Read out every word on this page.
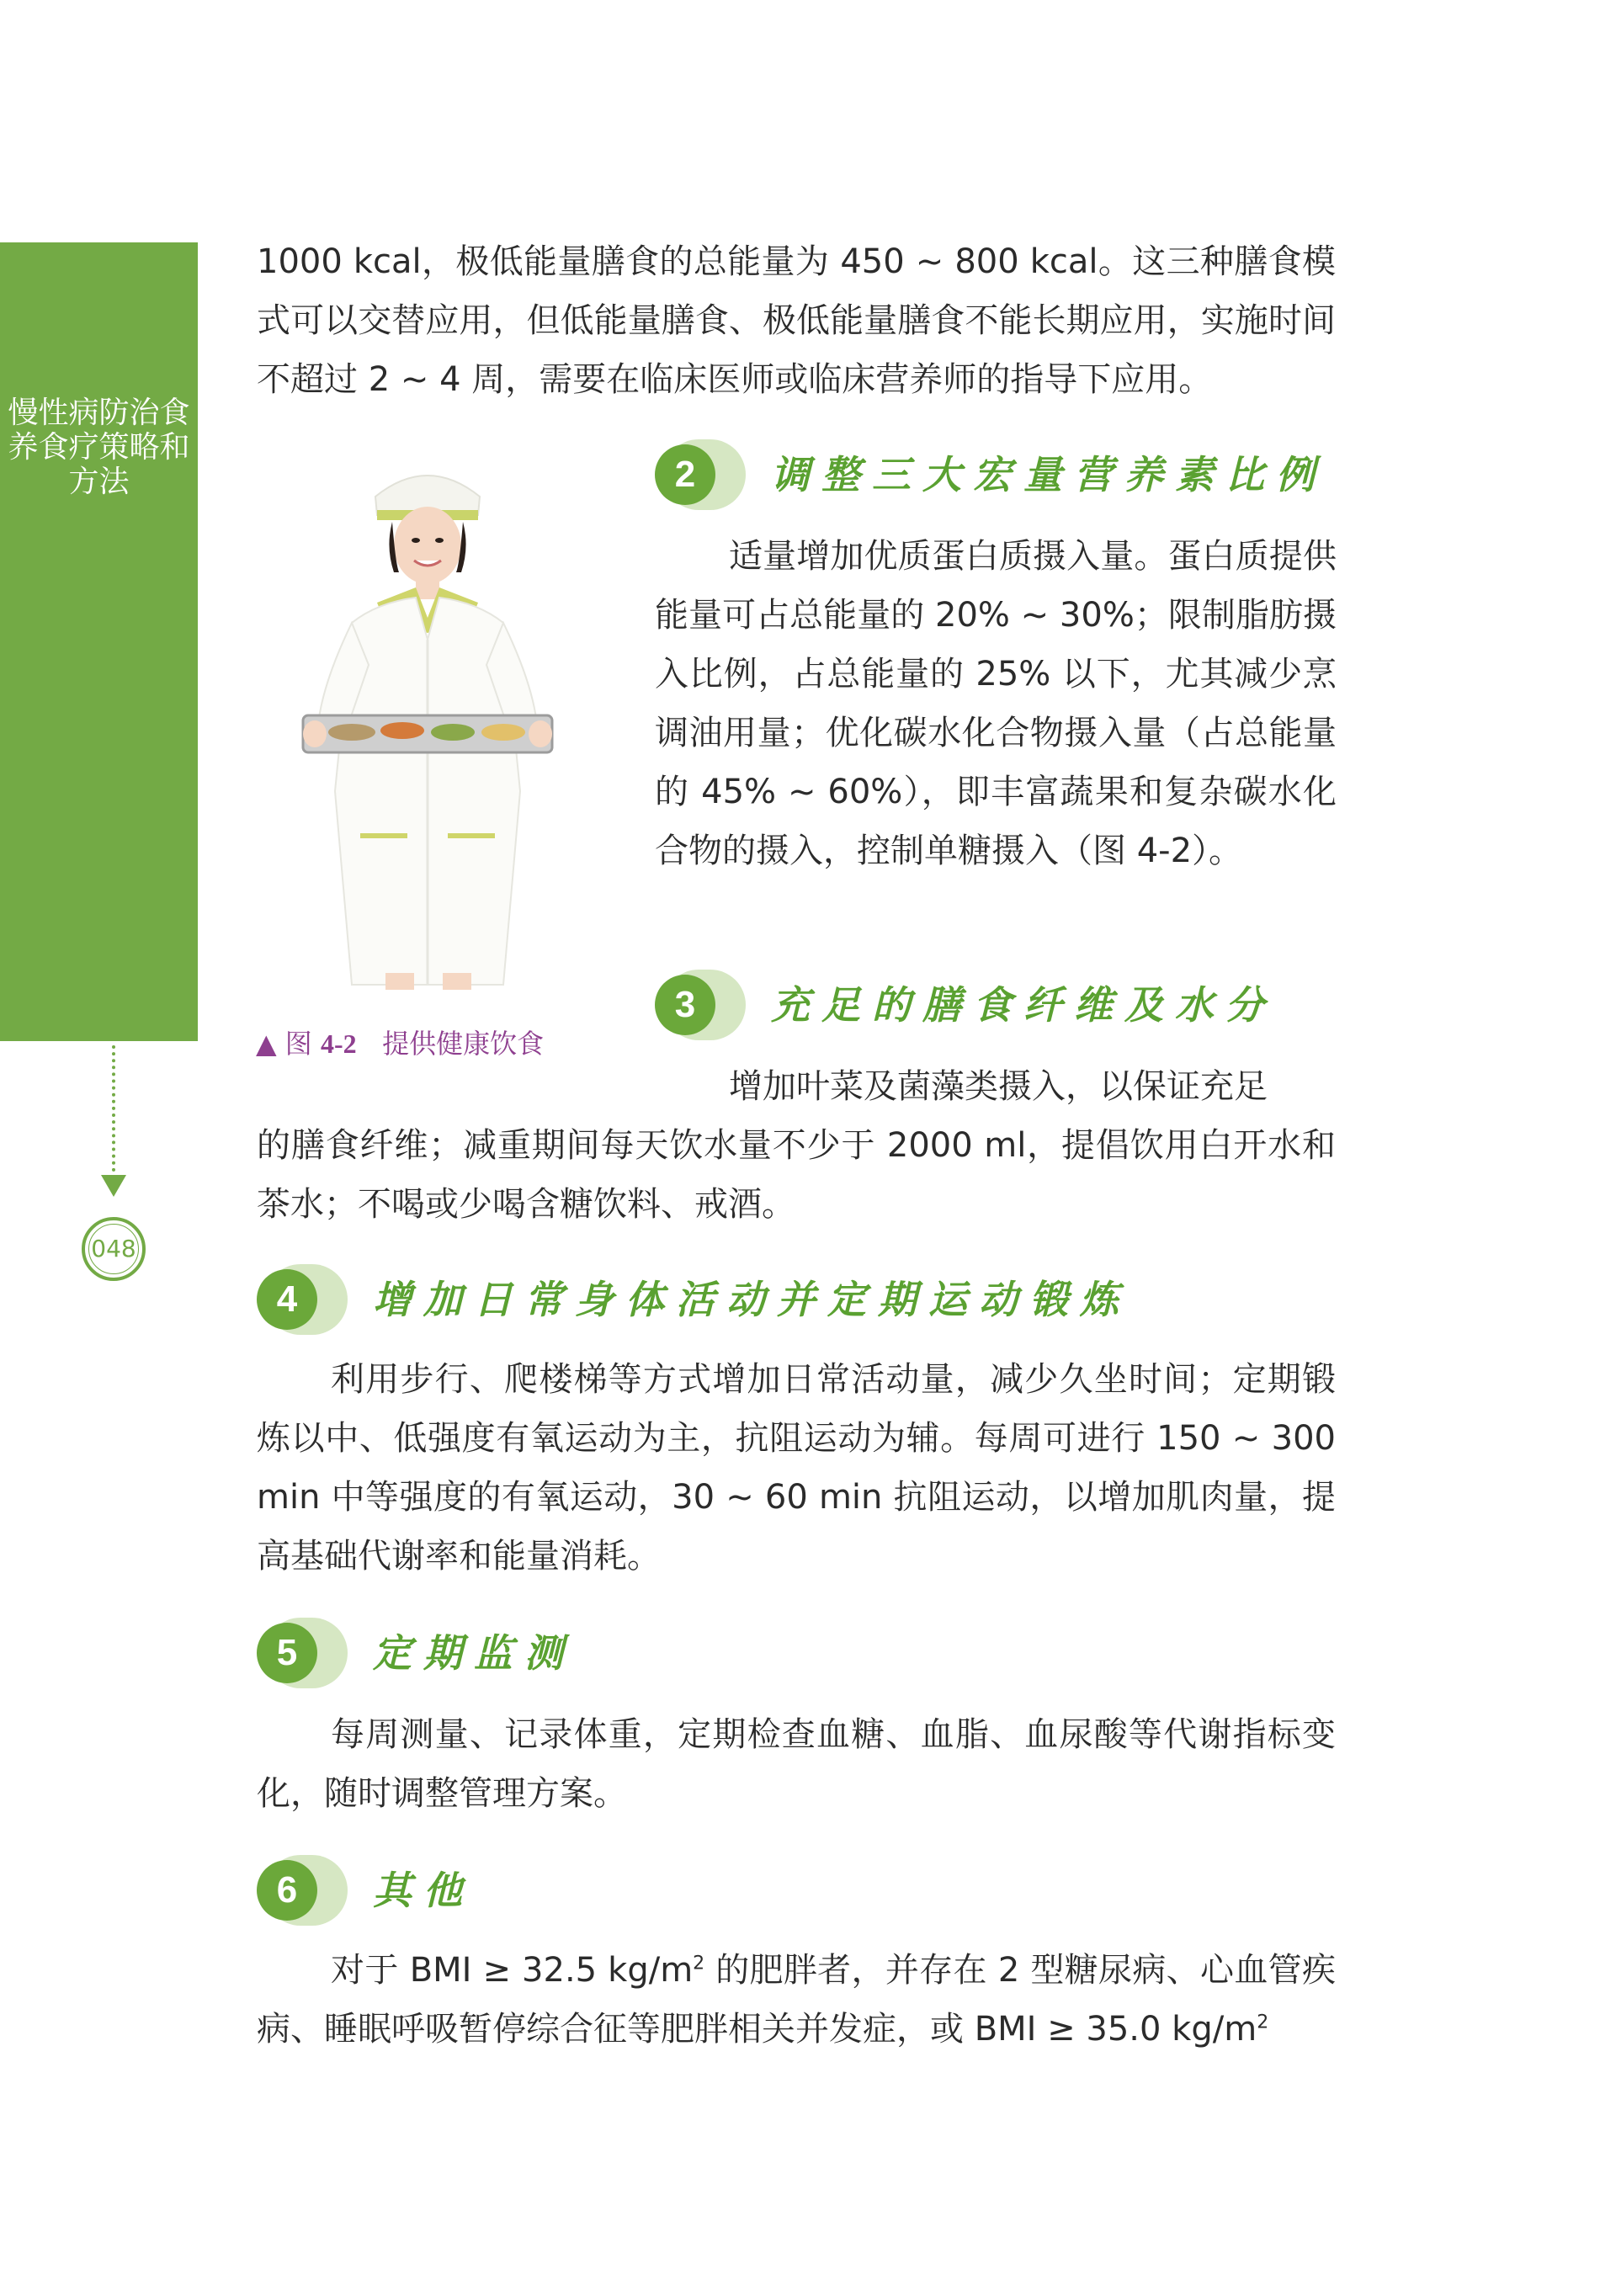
慢性病防治食养食疗策略和方法
048

1000 kcal，极低能量膳食的总能量为 450 ~ 800 kcal。这三种膳食模式可以交替应用，但低能量膳食、极低能量膳食不能长期应用，实施时间不超过 2 ~ 4 周，需要在临床医师或临床营养师的指导下应用。

▲ 图 4-2 提供健康饮食
2	调整三大宏量营养素比例

适量增加优质蛋白质摄入量。蛋白质提供能量可占总能量的 20% ~ 30%；限制脂肪摄入比例，占总能量的 25% 以下，尤其减少烹调油用量；优化碳水化合物摄入量（占总能量的 45% ~ 60%），即丰富蔬果和复杂碳水化合物的摄入，控制单糖摄入（图 4-2）。

3	充足的膳食纤维及水分

增加叶菜及菌藻类摄入，以保证充足

的膳食纤维；减重期间每天饮水量不少于 2000 ml，提倡饮用白开水和茶水；不喝或少喝含糖饮料、戒酒。

4	增加日常身体活动并定期运动锻炼

利用步行、爬楼梯等方式增加日常活动量，减少久坐时间；定期锻炼以中、低强度有氧运动为主，抗阻运动为辅。每周可进行 150 ~ 300 min 中等强度的有氧运动，30 ~ 60 min 抗阻运动，以增加肌肉量，提高基础代谢率和能量消耗。

5	定期监测

每周测量、记录体重，定期检查血糖、血脂、血尿酸等代谢指标变化，随时调整管理方案。

6	其他

对于 BMI ≥ 32.5 $kg/m^2$ 的肥胖者，并存在 2 型糖尿病、心血管疾病、睡眠呼吸暂停综合征等肥胖相关并发症，或 BMI ≥ 35.0 $kg/m^2$
